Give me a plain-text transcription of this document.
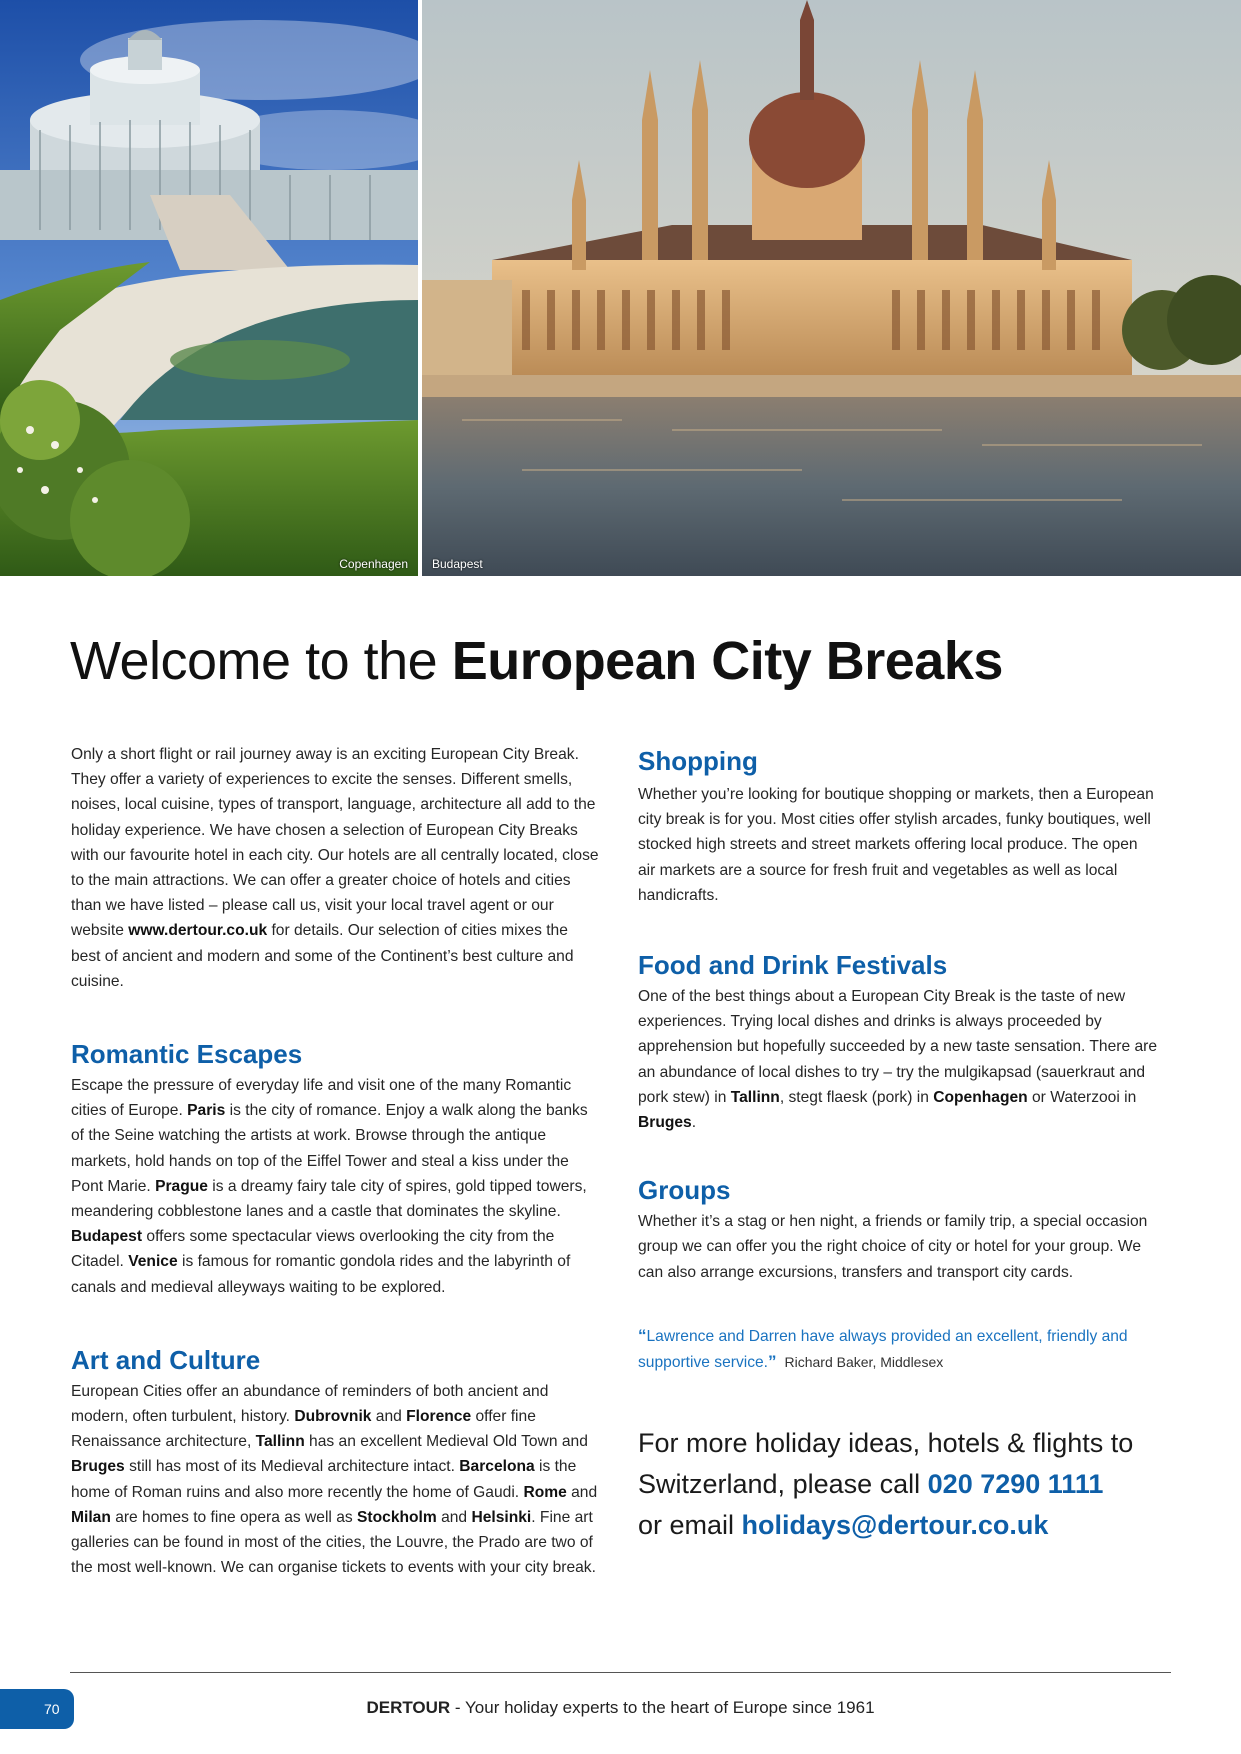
Copenhagen Budapest
Welcome to the European City Breaks

Only a short flight or rail journey away is an exciting European City Break. They offer a variety of experiences to excite the senses. Different smells, noises, local cuisine, types of transport, language, architecture all add to the holiday experience. We have chosen a selection of European City Breaks with our favourite hotel in each city. Our hotels are all centrally located, close to the main attractions. We can offer a greater choice of hotels and cities than we have listed – please call us, visit your local travel agent or our website www.dertour.co.uk for details. Our selection of cities mixes the best of ancient and modern and some of the Continent’s best culture and cuisine.

Romantic Escapes

Escape the pressure of everyday life and visit one of the many Romantic cities of Europe. Paris is the city of romance. Enjoy a walk along the banks of the Seine watching the artists at work. Browse through the antique markets, hold hands on top of the Eiffel Tower and steal a kiss under the Pont Marie. Prague is a dreamy fairy tale city of spires, gold tipped towers, meandering cobblestone lanes and a castle that dominates the skyline. Budapest offers some spectacular views overlooking the city from the Citadel. Venice is famous for romantic gondola rides and the labyrinth of canals and medieval alleyways waiting to be explored.

Art and Culture

European Cities offer an abundance of reminders of both ancient and modern, often turbulent, history. Dubrovnik and Florence offer fine Renaissance architecture, Tallinn has an excellent Medieval Old Town and Bruges still has most of its Medieval architecture intact. Barcelona is the home of Roman ruins and also more recently the home of Gaudi. Rome and Milan are homes to fine opera as well as Stockholm and Helsinki. Fine art galleries can be found in most of the cities, the Louvre, the Prado are two of the most well-known. We can organise tickets to events with your city break.

Shopping

Whether you’re looking for boutique shopping or markets, then a European city break is for you. Most cities offer stylish arcades, funky boutiques, well stocked high streets and street markets offering local produce. The open air markets are a source for fresh fruit and vegetables as well as local handicrafts.

Food and Drink Festivals

One of the best things about a European City Break is the taste of new experiences. Trying local dishes and drinks is always proceeded by apprehension but hopefully succeeded by a new taste sensation. There are an abundance of local dishes to try – try the mulgikapsad (sauerkraut and pork stew) in Tallinn, stegt flaesk (pork) in Copenhagen or Waterzooi in Bruges.

Groups

Whether it’s a stag or hen night, a friends or family trip, a special occasion group we can offer you the right choice of city or hotel for your group. We can also arrange excursions, transfers and transport city cards.

“Lawrence and Darren have always provided an excellent, friendly and supportive service.” Richard Baker, Middlesex
For more holiday ideas, hotels & flights to
Switzerland, please call 020 7290 1111
or email holidays@dertour.co.uk
70	DERTOUR - Your holiday experts to the heart of Europe since 1961
